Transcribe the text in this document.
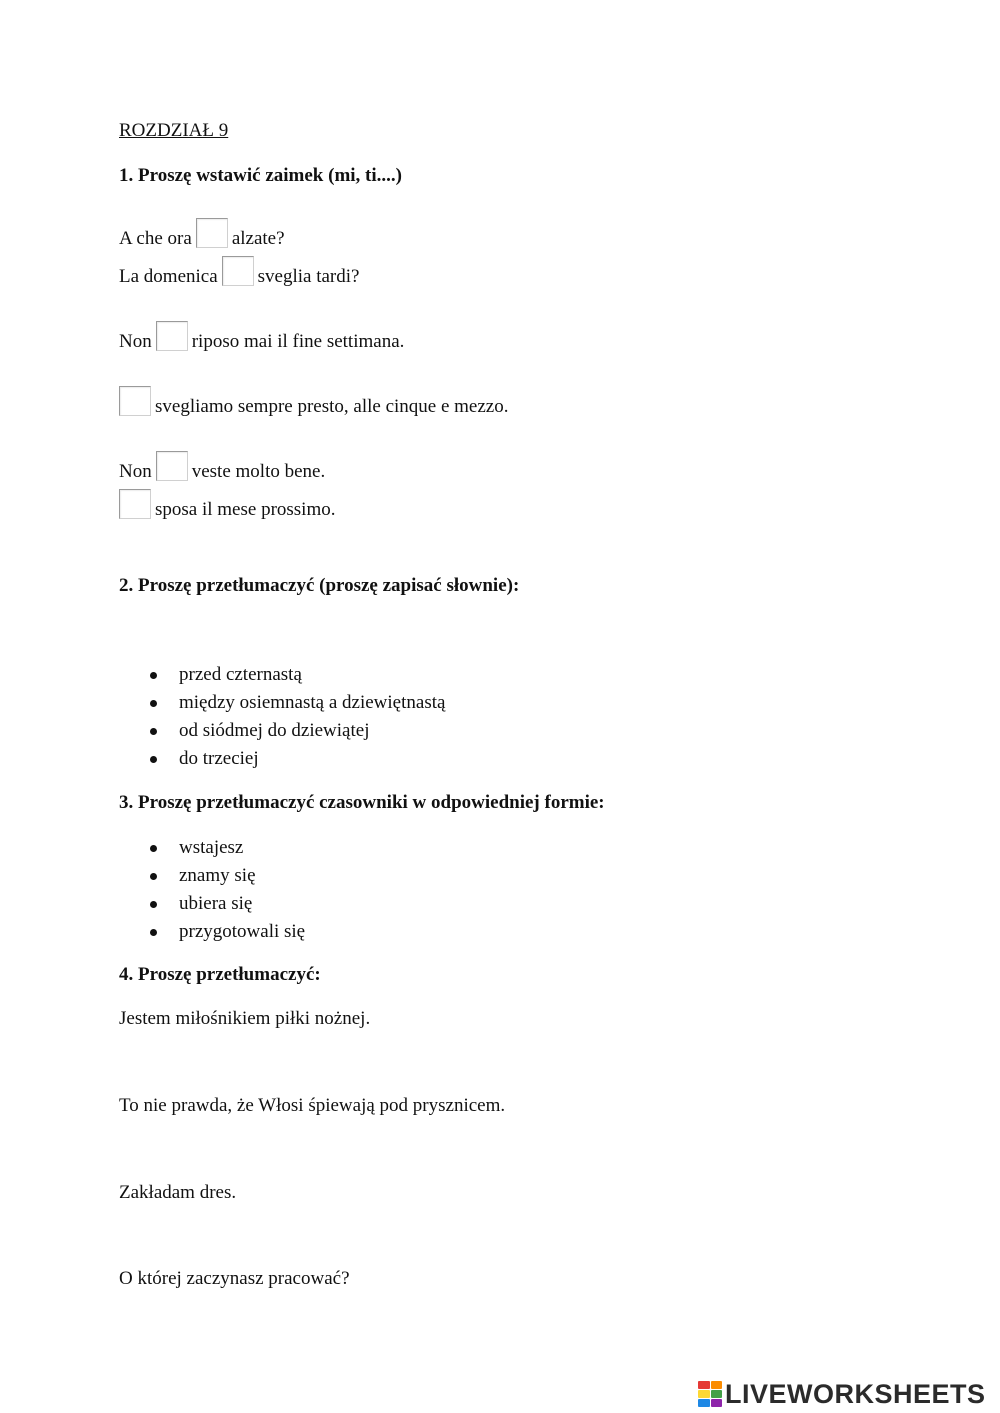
ROZDZIAŁ 9
1. Proszę wstawić zaimek (mi, ti....)
A che ora alzate?
La domenica sveglia tardi?
Non riposo mai il fine settimana.
svegliamo sempre presto, alle cinque e mezzo.
Non veste molto bene.
sposa il mese prossimo.
2. Proszę przetłumaczyć (proszę zapisać słownie):
przed czternastą
między osiemnastą a dziewiętnastą
od siódmej do dziewiątej
do trzeciej
3. Proszę przetłumaczyć czasowniki w odpowiedniej formie:
wstajesz
znamy się
ubiera się
przygotowali się
4. Proszę przetłumaczyć:
Jestem miłośnikiem piłki nożnej.
To nie prawda, że Włosi śpiewają pod prysznicem.
Zakładam dres.
O której zaczynasz pracować?
LIVEWORKSHEETS
